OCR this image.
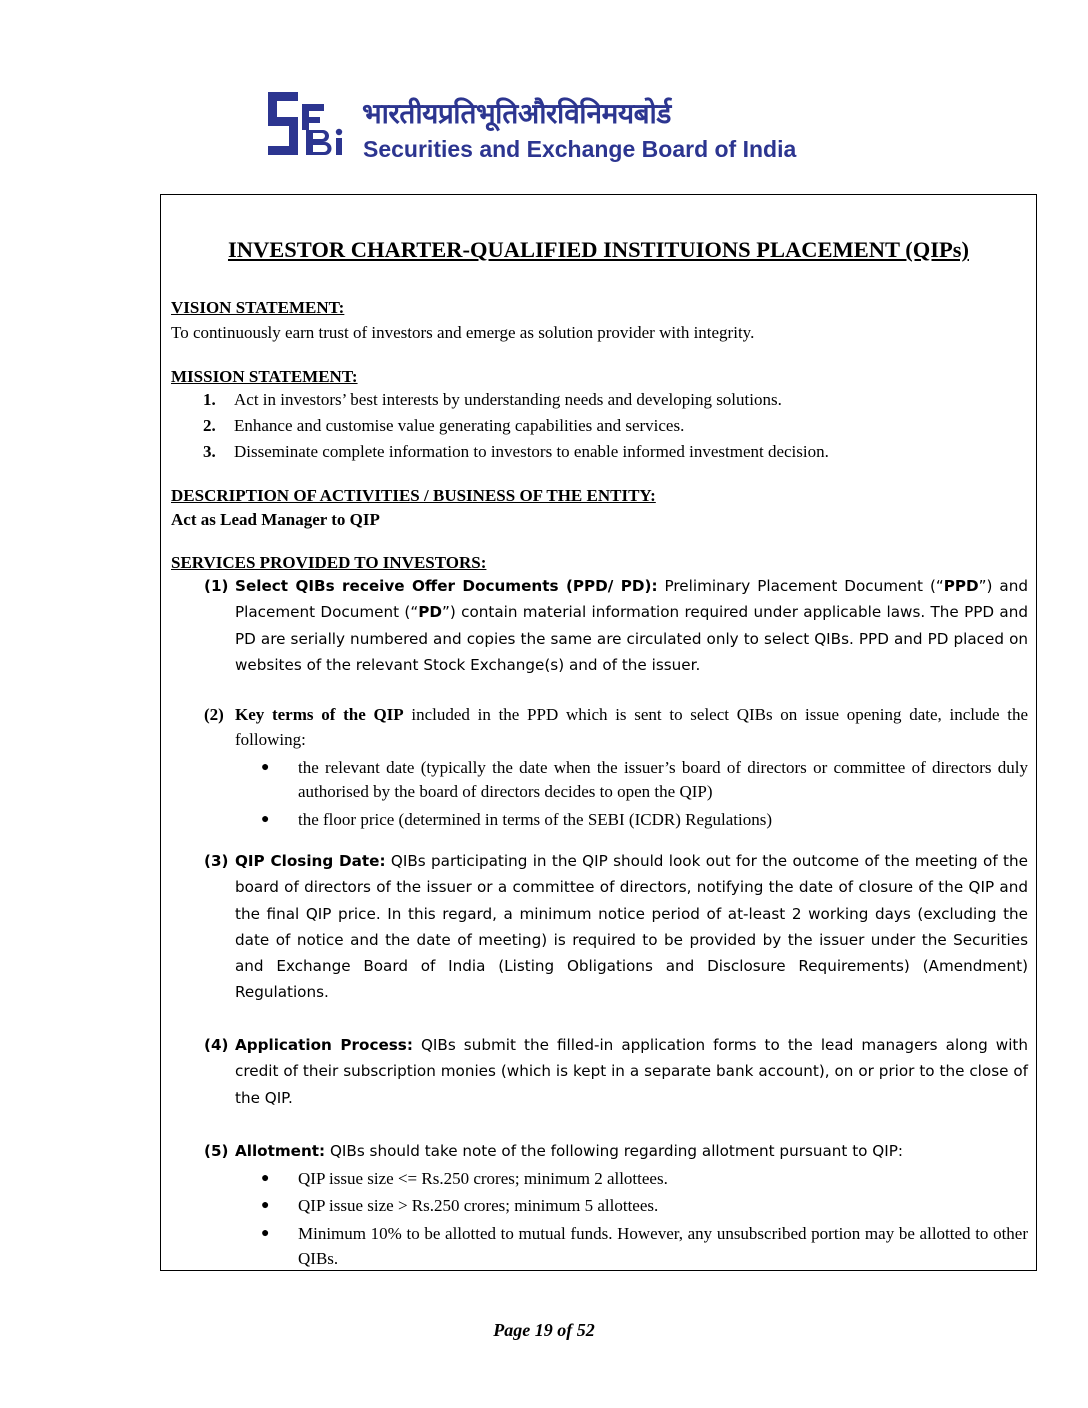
भारतीयप्रतिभूतिऔरविनिमयबोर्ड
Securities and Exchange Board of India
INVESTOR CHARTER-QUALIFIED INSTITUIONS PLACEMENT (QIPs)
VISION STATEMENT:
To continuously earn trust of investors and emerge as solution provider with integrity.
MISSION STATEMENT:
1. Act in investors’ best interests by understanding needs and developing solutions.
2. Enhance and customise value generating capabilities and services.
3. Disseminate complete information to investors to enable informed investment decision.
DESCRIPTION OF ACTIVITIES / BUSINESS OF THE ENTITY:
Act as Lead Manager to QIP
SERVICES PROVIDED TO INVESTORS:
(1) Select QIBs receive Offer Documents (PPD/ PD): Preliminary Placement Document (“PPD”) and Placement Document (“PD”) contain material information required under applicable laws. The PPD and PD are serially numbered and copies the same are circulated only to select QIBs. PPD and PD placed on websites of the relevant Stock Exchange(s) and of the issuer.
(2) Key terms of the QIP included in the PPD which is sent to select QIBs on issue opening date, include the following:
● the relevant date (typically the date when the issuer’s board of directors or committee of directors duly authorised by the board of directors decides to open the QIP)
● the floor price (determined in terms of the SEBI (ICDR) Regulations)
(3) QIP Closing Date: QIBs participating in the QIP should look out for the outcome of the meeting of the board of directors of the issuer or a committee of directors, notifying the date of closure of the QIP and the final QIP price. In this regard, a minimum notice period of at-least 2 working days (excluding the date of notice and the date of meeting) is required to be provided by the issuer under the Securities and Exchange Board of India (Listing Obligations and Disclosure Requirements) (Amendment) Regulations.
(4) Application Process: QIBs submit the filled-in application forms to the lead managers along with credit of their subscription monies (which is kept in a separate bank account), on or prior to the close of the QIP.
(5) Allotment: QIBs should take note of the following regarding allotment pursuant to QIP:
● QIP issue size <= Rs.250 crores; minimum 2 allottees.
● QIP issue size > Rs.250 crores; minimum 5 allottees.
● Minimum 10% to be allotted to mutual funds. However, any unsubscribed portion may be allotted to other QIBs.
Page 19 of 52
